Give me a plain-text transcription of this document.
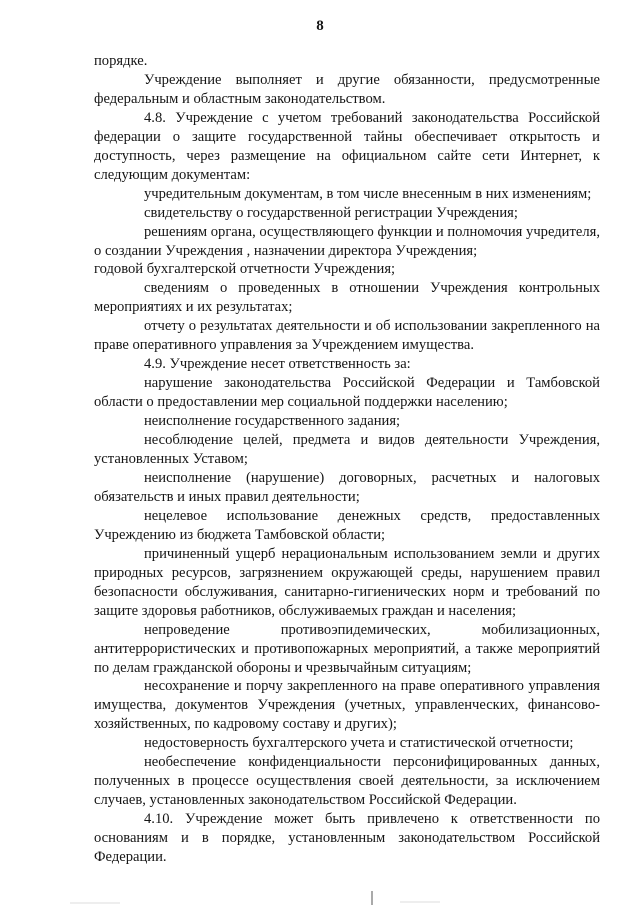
8

порядке.

Учреждение выполняет и другие обязанности, предусмотренные федеральным и областным законодательством.

4.8. Учреждение с учетом требований законодательства Российской федерации о защите государственной тайны обеспечивает открытость и доступность, через размещение на официальном сайте сети Интернет, к следующим документам:

учредительным документам, в том числе внесенным в них изменениям;

свидетельству о государственной регистрации Учреждения;

решениям органа, осуществляющего функции и полномочия учредителя, о создании Учреждения , назначении директора Учреждения;

годовой бухгалтерской отчетности Учреждения;

сведениям о проведенных в отношении Учреждения контрольных мероприятиях и их результатах;

отчету о результатах деятельности и об использовании закрепленного на праве оперативного управления за Учреждением имущества.

4.9. Учреждение несет ответственность за:

нарушение законодательства Российской Федерации и Тамбовской области о предоставлении мер социальной поддержки населению;

неисполнение государственного задания;

несоблюдение целей, предмета и видов деятельности Учреждения, установленных Уставом;

неисполнение (нарушение) договорных, расчетных и налоговых обязательств и иных правил деятельности;

нецелевое использование денежных средств, предоставленных Учреждению из бюджета Тамбовской области;

причиненный ущерб нерациональным использованием земли и других природных ресурсов, загрязнением окружающей среды, нарушением правил безопасности обслуживания, санитарно-гигиенических норм и требований по защите здоровья работников, обслуживаемых граждан и населения;

непроведение противоэпидемических, мобилизационных, антитеррористических и противопожарных мероприятий, а также мероприятий по делам гражданской обороны и чрезвычайным ситуациям;

несохранение и порчу закрепленного на праве оперативного управления имущества, документов Учреждения (учетных, управленческих, финансово-хозяйственных, по кадровому составу и других);

недостоверность бухгалтерского учета и статистической отчетности;

необеспечение конфиденциальности персонифицированных данных, полученных в процессе осуществления своей деятельности, за исключением случаев, установленных законодательством Российской Федерации.

4.10. Учреждение может быть привлечено к ответственности по основаниям и в порядке, установленным законодательством Российской Федерации.
